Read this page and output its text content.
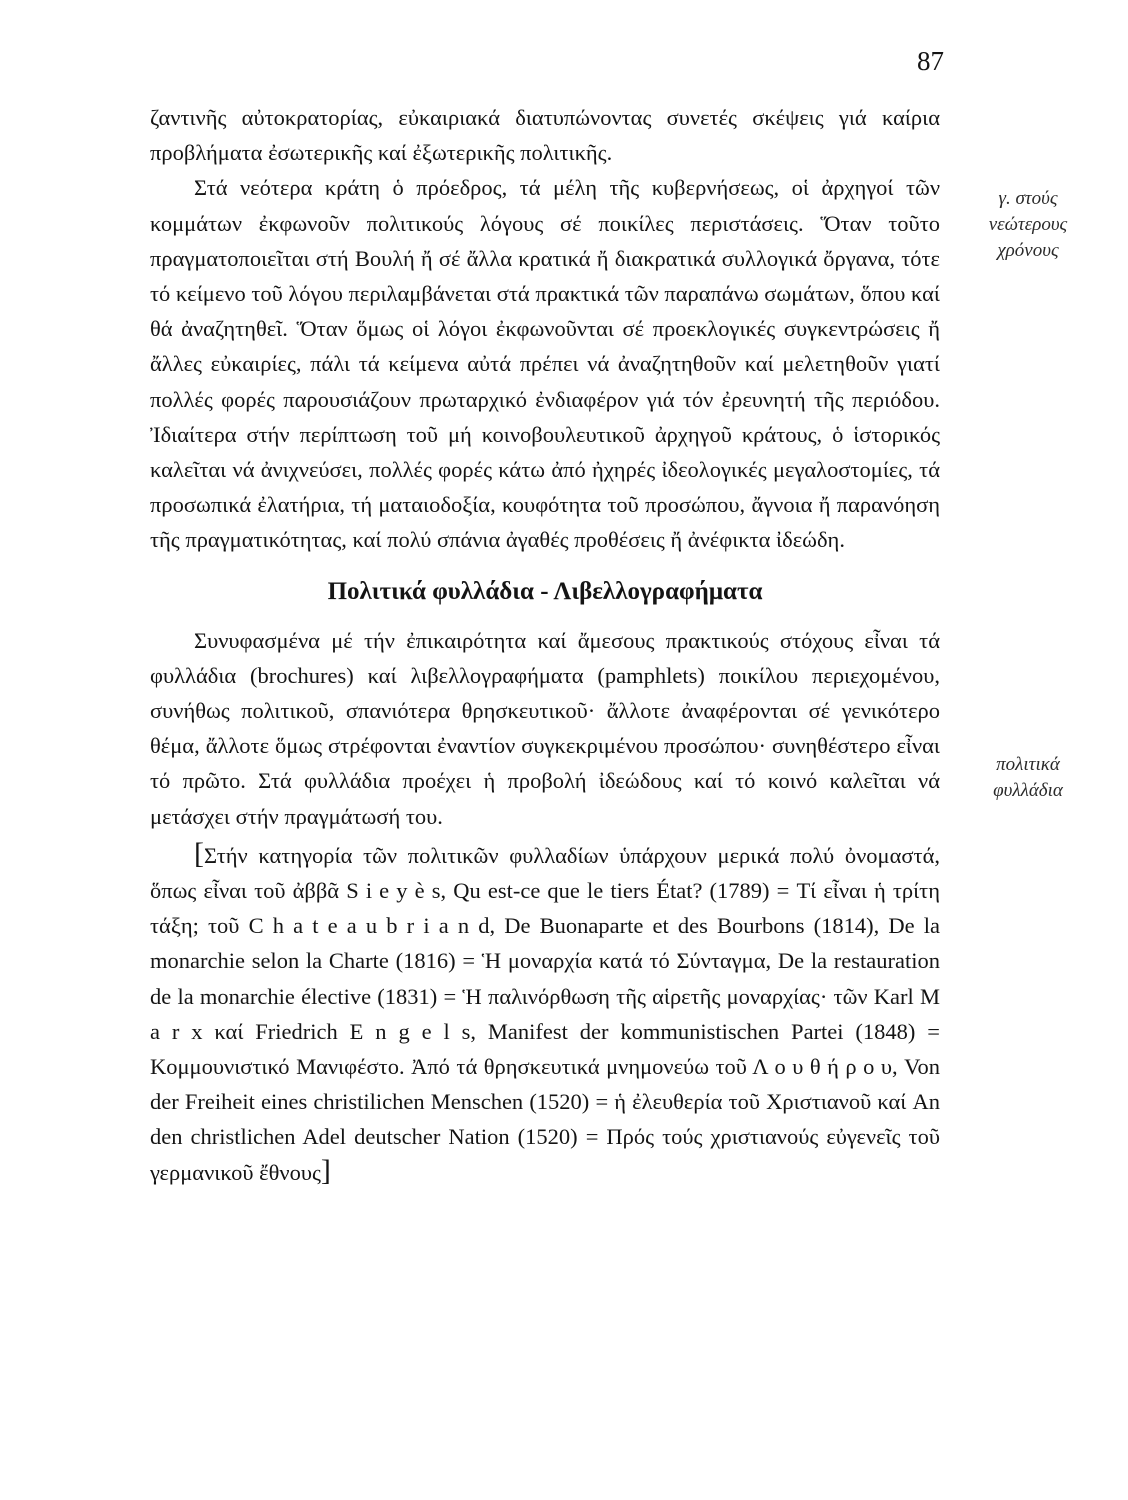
87

ζαντινῆς αὐτοκρατορίας, εὐκαιριακά διατυπώνοντας συνετές σκέψεις γιά καίρια προβλήματα ἐσωτερικῆς καί ἐξωτερικῆς πολιτικῆς.

Στά νεότερα κράτη ὁ πρόεδρος, τά μέλη τῆς κυβερνήσεως, οἱ ἀρχηγοί τῶν κομμάτων ἐκφωνοῦν πολιτικούς λόγους σέ ποικίλες περιστάσεις. Ὅταν τοῦτο πραγματοποιεῖται στή Βουλή ἤ σέ ἄλλα κρατικά ἤ διακρατικά συλλογικά ὄργανα, τότε τό κείμενο τοῦ λόγου περιλαμβάνεται στά πρακτικά τῶν παραπάνω σωμάτων, ὅπου καί θά ἀναζητηθεῖ. Ὅταν ὅμως οἱ λόγοι ἐκφωνοῦνται σέ προεκλογικές συγκεντρώσεις ἤ ἄλλες εὐκαιρίες, πάλι τά κείμενα αὐτά πρέπει νά ἀναζητηθοῦν καί μελετηθοῦν γιατί πολλές φορές παρουσιάζουν πρωταρχικό ἐνδιαφέρον γιά τόν ἐρευνητή τῆς περιόδου. Ἰδιαίτερα στήν περίπτωση τοῦ μή κοινοβουλευτικοῦ ἀρχηγοῦ κράτους, ὁ ἱστορικός καλεῖται νά ἀνιχνεύσει, πολλές φορές κάτω ἀπό ἠχηρές ἰδεολογικές μεγαλοστομίες, τά προσωπικά ἐλατήρια, τή ματαιοδοξία, κουφότητα τοῦ προσώπου, ἄγνοια ἤ παρανόηση τῆς πραγματικότητας, καί πολύ σπάνια ἀγαθές προθέσεις ἤ ἀνέφικτα ἰδεώδη.

Πολιτικά φυλλάδια - Λιβελλογραφήματα

Συνυφασμένα μέ τήν ἐπικαιρότητα καί ἄμεσους πρακτικούς στόχους εἶναι τά φυλλάδια (brochures) καί λιβελλογραφήματα (pamphlets) ποικίλου περιεχομένου, συνήθως πολιτικοῦ, σπανιότερα θρησκευτικοῦ· ἄλλοτε ἀναφέρονται σέ γενικότερο θέμα, ἄλλοτε ὅμως στρέφονται ἐναντίον συγκεκριμένου προσώπου· συνηθέστερο εἶναι τό πρῶτο. Στά φυλλάδια προέχει ἡ προβολή ἰδεώδους καί τό κοινό καλεῖται νά μετάσχει στήν πραγμάτωσή του.

[Στήν κατηγορία τῶν πολιτικῶν φυλλαδίων ὑπάρχουν μερικά πολύ ὀνομαστά, ὅπως εἶναι τοῦ ἀββᾶ S i e y è s, Qu est-ce que le tiers État? (1789) = Τί εἶναι ἡ τρίτη τάξη; τοῦ C h a t e a u b r i a n d, De Buonaparte et des Bourbons (1814), De la monarchie selon la Charte (1816) = Ἡ μοναρχία κατά τό Σύνταγμα, De la restauration de la monarchie élective (1831) = Ἡ παλινόρθωση τῆς αἱρετῆς μοναρχίας· τῶν Karl M a r x καί Friedrich E n g e l s, Manifest der kommunistischen Partei (1848) = Κομμουνιστικό Μανιφέστο. Ἀπό τά θρησκευτικά μνημονεύω τοῦ Λ ο υ θ ή ρ ο υ, Von der Freiheit eines christilichen Menschen (1520) = ἡ ἐλευθερία τοῦ Χριστιανοῦ καί An den christlichen Adel deutscher Nation (1520) = Πρός τούς χριστιανούς εὐγενεῖς τοῦ γερμανικοῦ ἔθνους]

γ. στούς
νεώτερους
χρόνους
πολιτικά
φυλλάδια
